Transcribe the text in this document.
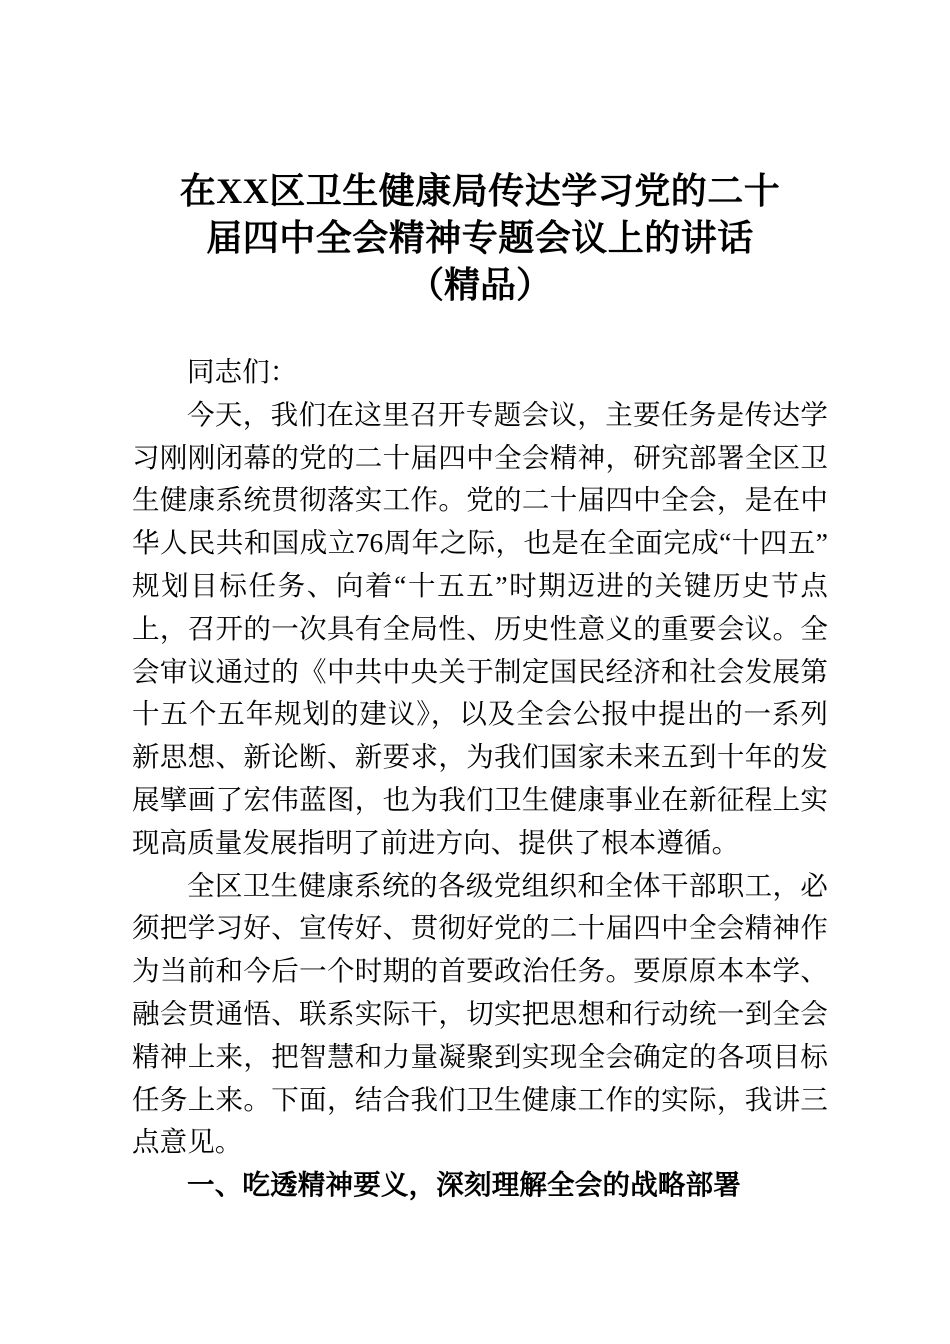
在XX区卫生健康局传达学习党的二十
届四中全会精神专题会议上的讲话
（精品）

同志们：

今天，我们在这里召开专题会议，主要任务是传达学习刚刚闭幕的党的二十届四中全会精神，研究部署全区卫生健康系统贯彻落实工作。党的二十届四中全会，是在中华人民共和国成立76周年之际，也是在全面完成“十四五”规划目标任务、向着“十五五”时期迈进的关键历史节点上，召开的一次具有全局性、历史性意义的重要会议。全会审议通过的《中共中央关于制定国民经济和社会发展第十五个五年规划的建议》，以及全会公报中提出的一系列新思想、新论断、新要求，为我们国家未来五到十年的发展擘画了宏伟蓝图，也为我们卫生健康事业在新征程上实现高质量发展指明了前进方向、提供了根本遵循。

全区卫生健康系统的各级党组织和全体干部职工，必须把学习好、宣传好、贯彻好党的二十届四中全会精神作为当前和今后一个时期的首要政治任务。要原原本本学、融会贯通悟、联系实际干，切实把思想和行动统一到全会精神上来，把智慧和力量凝聚到实现全会确定的各项目标任务上来。下面，结合我们卫生健康工作的实际，我讲三点意见。

一、吃透精神要义，深刻理解全会的战略部署
